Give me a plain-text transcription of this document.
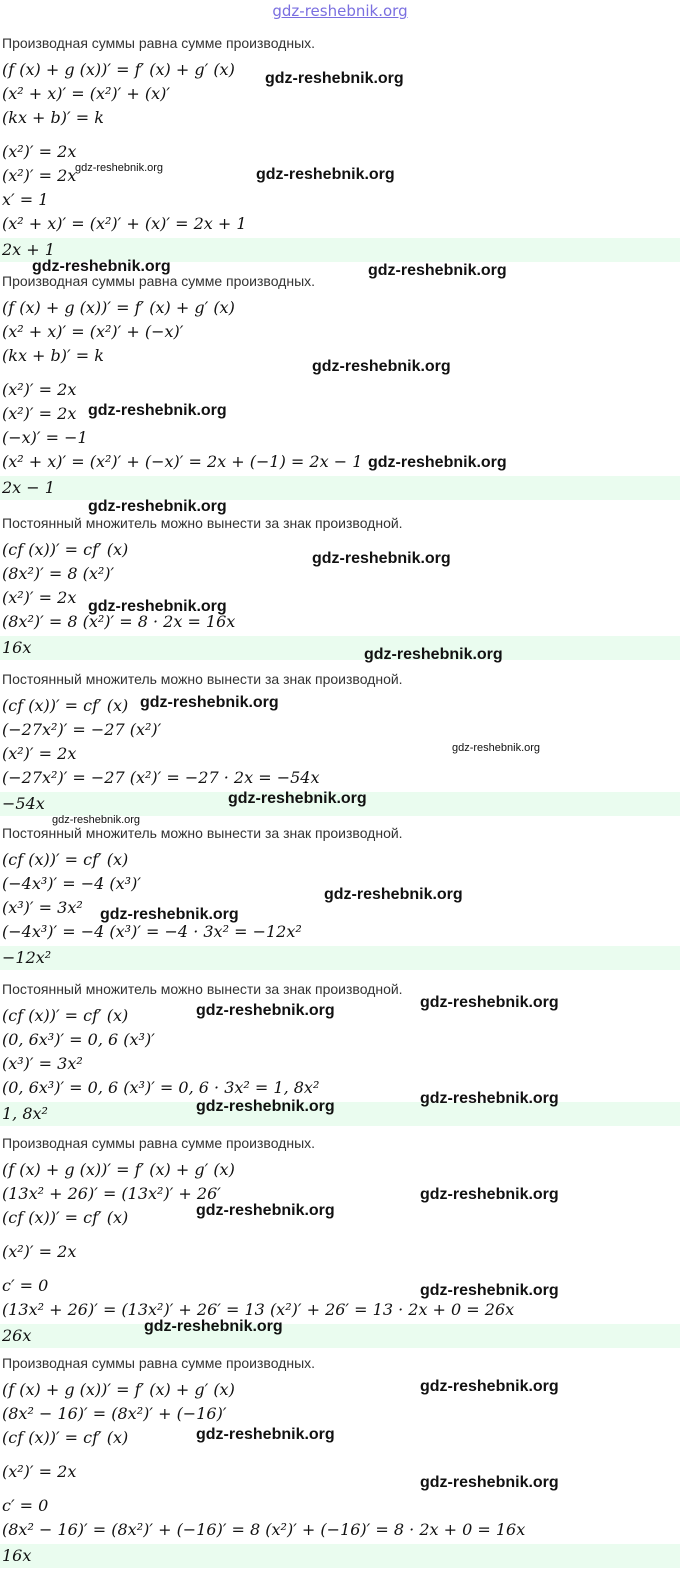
gdz-reshebnik.org
Производная суммы равна сумме производных.
(f (x) + g (x))′ = f′ (x) + g′ (x)
(x² + x)′ = (x²)′ + (x)′
(kx + b)′ = k
(x²)′ = 2x
(x²)′ = 2x
x′ = 1
(x² + x)′ = (x²)′ + (x)′ = 2x + 1
2x + 1
Производная суммы равна сумме производных.
(f (x) + g (x))′ = f′ (x) + g′ (x)
(x² + x)′ = (x²)′ + (−x)′
(kx + b)′ = k
(x²)′ = 2x
(x²)′ = 2x
(−x)′ = −1
(x² + x)′ = (x²)′ + (−x)′ = 2x + (−1) = 2x − 1
2x − 1
Постоянный множитель можно вынести за знак производной.
(cf (x))′ = cf′ (x)
(8x²)′ = 8 (x²)′
(x²)′ = 2x
(8x²)′ = 8 (x²)′ = 8 · 2x = 16x
16x
Постоянный множитель можно вынести за знак производной.
(cf (x))′ = cf′ (x)
(−27x²)′ = −27 (x²)′
(x²)′ = 2x
(−27x²)′ = −27 (x²)′ = −27 · 2x = −54x
−54x
Постоянный множитель можно вынести за знак производной.
(cf (x))′ = cf′ (x)
(−4x³)′ = −4 (x³)′
(x³)′ = 3x²
(−4x³)′ = −4 (x³)′ = −4 · 3x² = −12x²
−12x²
Постоянный множитель можно вынести за знак производной.
(cf (x))′ = cf′ (x)
(0, 6x³)′ = 0, 6 (x³)′
(x³)′ = 3x²
(0, 6x³)′ = 0, 6 (x³)′ = 0, 6 · 3x² = 1, 8x²
1, 8x²
Производная суммы равна сумме производных.
(f (x) + g (x))′ = f′ (x) + g′ (x)
(13x² + 26)′ = (13x²)′ + 26′
(cf (x))′ = cf′ (x)
(x²)′ = 2x
c′ = 0
(13x² + 26)′ = (13x²)′ + 26′ = 13 (x²)′ + 26′ = 13 · 2x + 0 = 26x
26x
Производная суммы равна сумме производных.
(f (x) + g (x))′ = f′ (x) + g′ (x)
(8x² − 16)′ = (8x²)′ + (−16)′
(cf (x))′ = cf′ (x)
(x²)′ = 2x
c′ = 0
(8x² − 16)′ = (8x²)′ + (−16)′ = 8 (x²)′ + (−16)′ = 8 · 2x + 0 = 16x
16x
gdz-reshebnik.org
gdz-reshebnik.org	gdz-reshebnik.org
gdz-reshebnik.org	gdz-reshebnik.org
gdz-reshebnik.org
gdz-reshebnik.org
gdz-reshebnik.org
gdz-reshebnik.org
gdz-reshebnik.org
gdz-reshebnik.org
gdz-reshebnik.org
gdz-reshebnik.org
gdz-reshebnik.org
gdz-reshebnik.org
gdz-reshebnik.org
gdz-reshebnik.org
gdz-reshebnik.org
gdz-reshebnik.org
gdz-reshebnik.org
gdz-reshebnik.org
gdz-reshebnik.org
gdz-reshebnik.org
gdz-reshebnik.org
gdz-reshebnik.org
gdz-reshebnik.org
gdz-reshebnik.org
gdz-reshebnik.org
gdz-reshebnik.org
